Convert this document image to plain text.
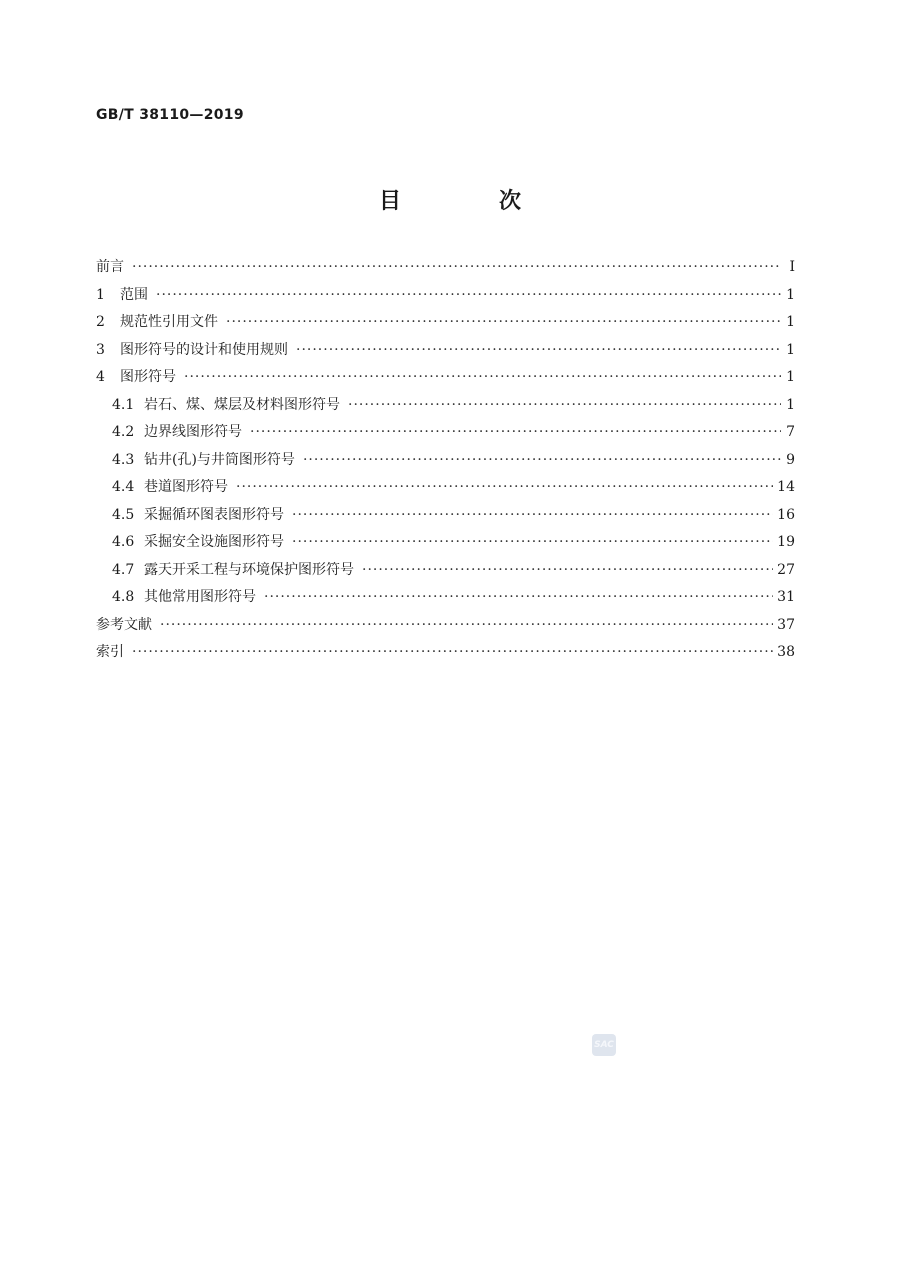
GB/T 38110—2019
目　次
前言 ·····	Ⅰ
1	范围 ·····	1
2	规范性引用文件 ·····	1
3	图形符号的设计和使用规则 ·····	1
4	图形符号 ·····	1
4.1 岩石、煤、煤层及材料图形符号 ·····	1
4.2 边界线图形符号 ·····	7
4.3 钻井(孔)与井筒图形符号 ·····	9
4.4 巷道图形符号 ·····	14
4.5 采掘循环图表图形符号 ·····	16
4.6 采掘安全设施图形符号 ·····	19
4.7 露天开采工程与环境保护图形符号 ·····	27
4.8 其他常用图形符号 ·····	31
参考文献 ·····	37
索引 ·····	38
SAC
